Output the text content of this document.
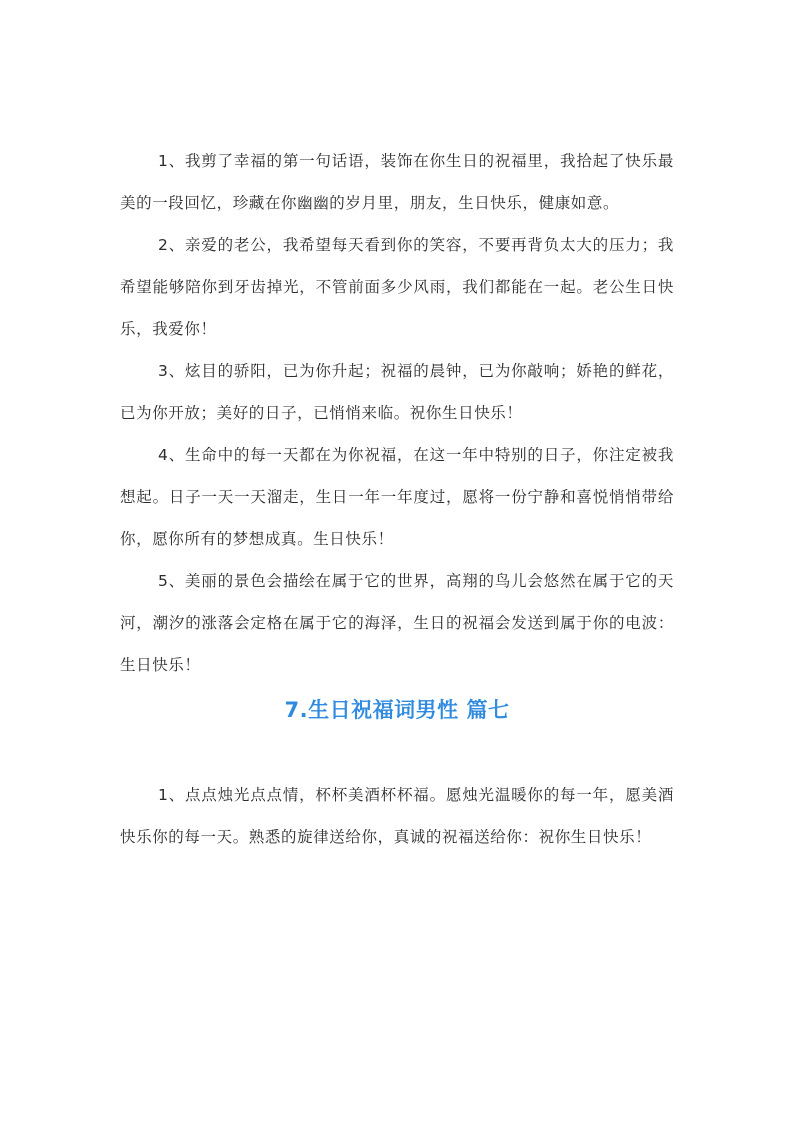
1、我剪了幸福的第一句话语，装饰在你生日的祝福里，我拾起了快乐最美的一段回忆，珍藏在你幽幽的岁月里，朋友，生日快乐，健康如意。

2、亲爱的老公，我希望每天看到你的笑容，不要再背负太大的压力；我希望能够陪你到牙齿掉光，不管前面多少风雨，我们都能在一起。老公生日快乐，我爱你！

3、炫目的骄阳，已为你升起；祝福的晨钟，已为你敲响；娇艳的鲜花，已为你开放；美好的日子，已悄悄来临。祝你生日快乐！

4、生命中的每一天都在为你祝福，在这一年中特别的日子，你注定被我想起。日子一天一天溜走，生日一年一年度过，愿将一份宁静和喜悦悄悄带给你，愿你所有的梦想成真。生日快乐！

5、美丽的景色会描绘在属于它的世界，高翔的鸟儿会悠然在属于它的天河，潮汐的涨落会定格在属于它的海泽，生日的祝福会发送到属于你的电波：生日快乐！

7.生日祝福词男性 篇七

1、点点烛光点点情，杯杯美酒杯杯福。愿烛光温暖你的每一年，愿美酒快乐你的每一天。熟悉的旋律送给你，真诚的祝福送给你：祝你生日快乐！
